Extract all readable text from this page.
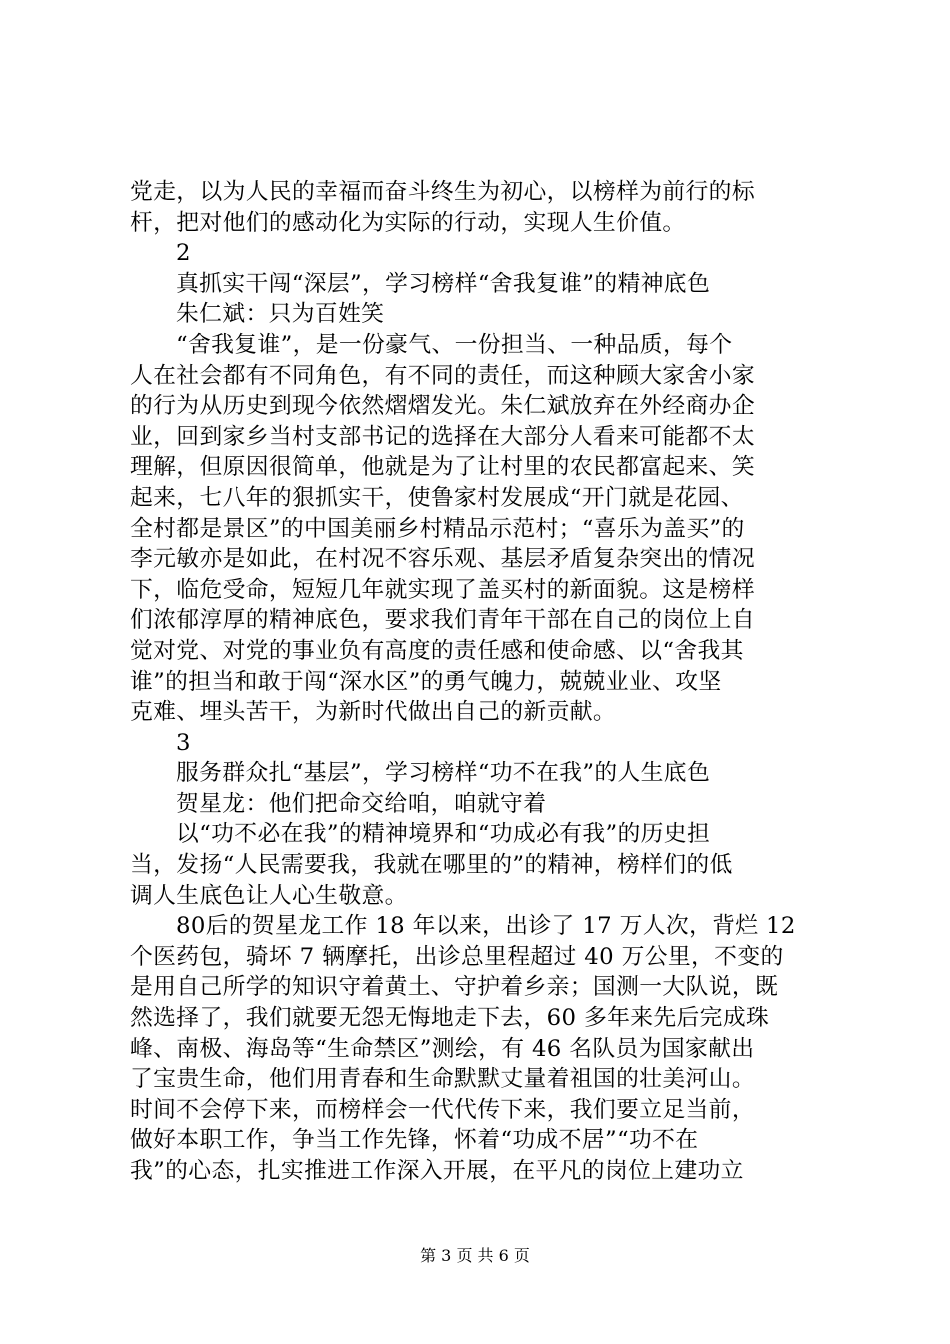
党走，以为人民的幸福而奋斗终生为初心，以榜样为前行的标
杆，把对他们的感动化为实际的行动，实现人生价值。
2
真抓实干闯“深层”，学习榜样“舍我复谁”的精神底色
朱仁斌：只为百姓笑
“舍我复谁”，是一份豪气、一份担当、一种品质，每个
人在社会都有不同角色，有不同的责任，而这种顾大家舍小家
的行为从历史到现今依然熠熠发光。朱仁斌放弃在外经商办企
业，回到家乡当村支部书记的选择在大部分人看来可能都不太
理解，但原因很简单，他就是为了让村里的农民都富起来、笑
起来，七八年的狠抓实干，使鲁家村发展成“开门就是花园、
全村都是景区”的中国美丽乡村精品示范村；“喜乐为盖买”的
李元敏亦是如此，在村况不容乐观、基层矛盾复杂突出的情况
下，临危受命，短短几年就实现了盖买村的新面貌。这是榜样
们浓郁淳厚的精神底色，要求我们青年干部在自己的岗位上自
觉对党、对党的事业负有高度的责任感和使命感、以“舍我其
谁”的担当和敢于闯“深水区”的勇气魄力，兢兢业业、攻坚
克难、埋头苦干，为新时代做出自己的新贡献。
3
服务群众扎“基层”，学习榜样“功不在我”的人生底色
贺星龙：他们把命交给咱，咱就守着
以“功不必在我”的精神境界和“功成必有我”的历史担
当，发扬“人民需要我，我就在哪里的”的精神，榜样们的低
调人生底色让人心生敬意。
80后的贺星龙工作 18 年以来，出诊了 17 万人次，背烂 12
个医药包，骑坏 7 辆摩托，出诊总里程超过 40 万公里，不变的
是用自己所学的知识守着黄土、守护着乡亲；国测一大队说，既
然选择了，我们就要无怨无悔地走下去，60 多年来先后完成珠
峰、南极、海岛等“生命禁区”测绘，有 46 名队员为国家献出
了宝贵生命，他们用青春和生命默默丈量着祖国的壮美河山。
时间不会停下来，而榜样会一代代传下来，我们要立足当前，
做好本职工作，争当工作先锋，怀着“功成不居”“功不在
我”的心态，扎实推进工作深入开展，在平凡的岗位上建功立
第 3 页 共 6 页
